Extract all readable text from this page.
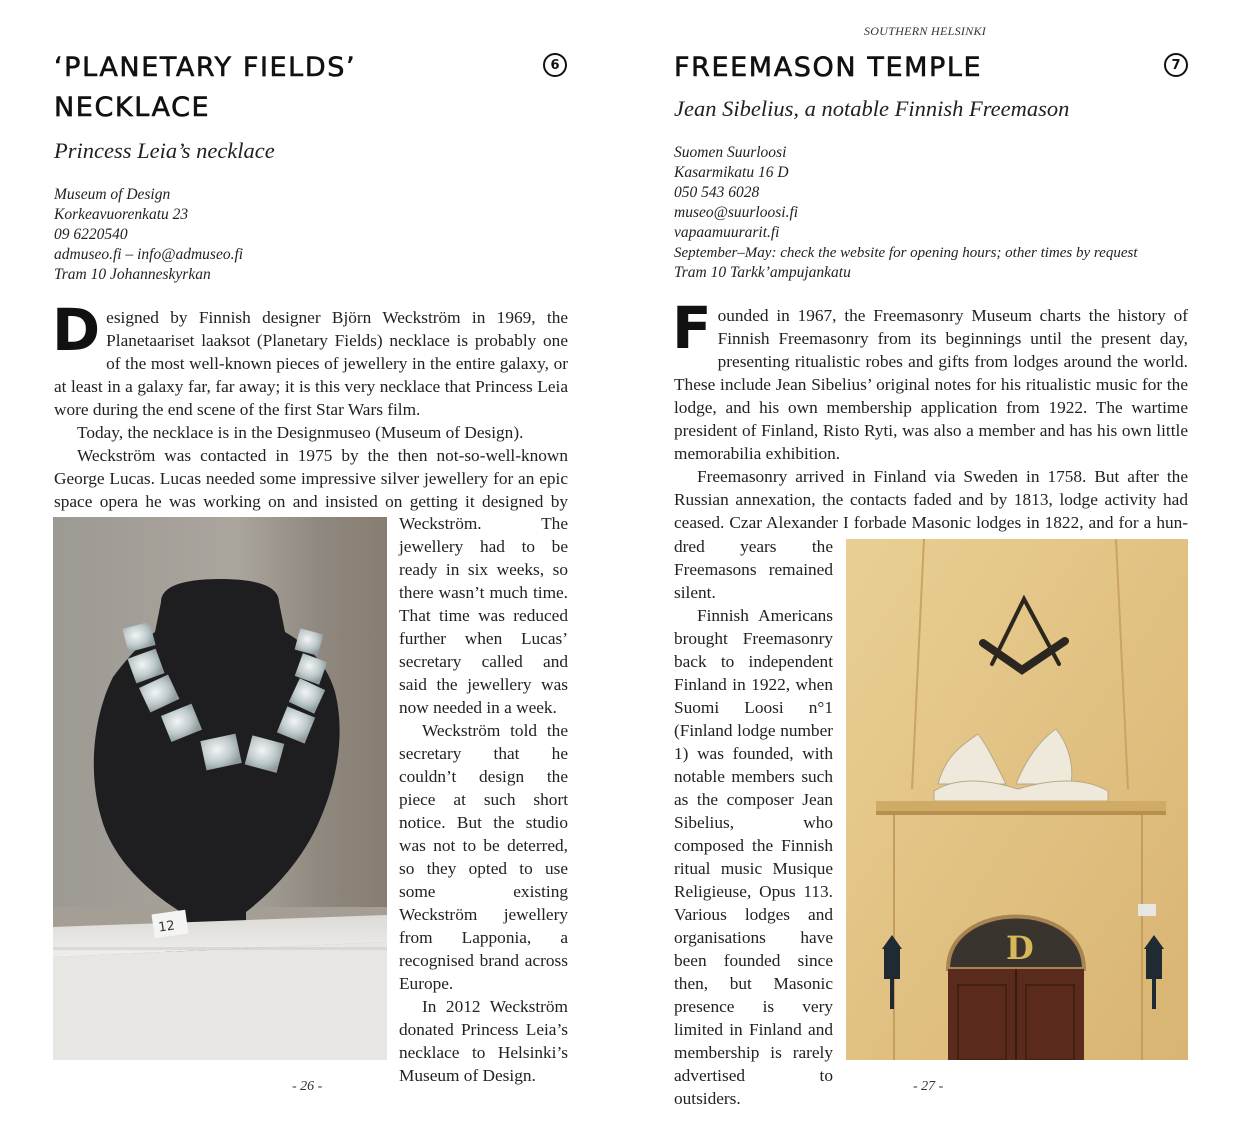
6
‘PLANETARY FIELDS’
NECKLACE
Princess Leia’s necklace
Museum of Design
Korkeavuorenkatu 23
09 6220540
admuseo.fi – info@admuseo.fi
Tram 10 Johanneskyrkan

Designed by Finnish designer Björn Weckström in 1969, the Planetaariset laaksot (Planetary Fields) necklace is probably one of the most well-known pieces of jewellery in the entire galaxy, or at least in a galaxy far, far away; it is this very necklace that Princess Leia wore during the end scene of the first Star Wars film.

Today, the necklace is in the Designmuseo (Museum of Design).

Weckström was contacted in 1975 by the then not-so-well-known George Lucas. Lucas needed some impressive silver jewellery for an epic space opera he was working on and insisted on getting it designed by

12

Weckström. The jewellery had to be ready in six weeks, so there wasn’t much time. That time was reduced further when Lucas’ secretary called and said the jewellery was now needed in a week.

Weckström told the secretary that he couldn’t design the piece at such short notice. But the studio was not to be deterred, so they opted to use some existing Weckström jewellery from Lapponia, a recognised brand across Europe.

In 2012 Weckström donated Princess Leia’s necklace to Helsinki’s Museum of Design.

- 26 -
SOUTHERN HELSINKI
7
FREEMASON TEMPLE
Jean Sibelius, a notable Finnish Freemason
Suomen Suurloosi
Kasarmikatu 16 D
050 543 6028
museo@suurloosi.fi
vapaamuurarit.fi
September–May: check the website for opening hours; other times by request
Tram 10 Tarkk’ampujankatu

Founded in 1967, the Freemasonry Museum charts the history of Finnish Freemasonry from its beginnings until the present day, presenting ritualistic robes and gifts from lodges around the world. These include Jean Sibelius’ original notes for his ritualistic music for the lodge, and his own membership application from 1922. The wartime president of Finland, Risto Ryti, was also a member and has his own little memorabilia exhibition.

Freemasonry arrived in Finland via Sweden in 1758. But after the Russian annexation, the contacts faded and by 1813, lodge activity had ceased. Czar Alexander I forbade Masonic lodges in 1822, and for a hun-

dred years the Freemasons remained silent.

Finnish Americans brought Freemasonry back to independent Finland in 1922, when Suomi Loosi n°1 (Finland lodge number 1) was founded, with notable members such as the composer Jean Sibelius, who composed the Finnish ritual music Musique Religieuse, Opus 113. Various lodges and organisations have been founded since then, but Masonic presence is very limited in Finland and membership is rarely advertised to outsiders.

D
- 27 -
